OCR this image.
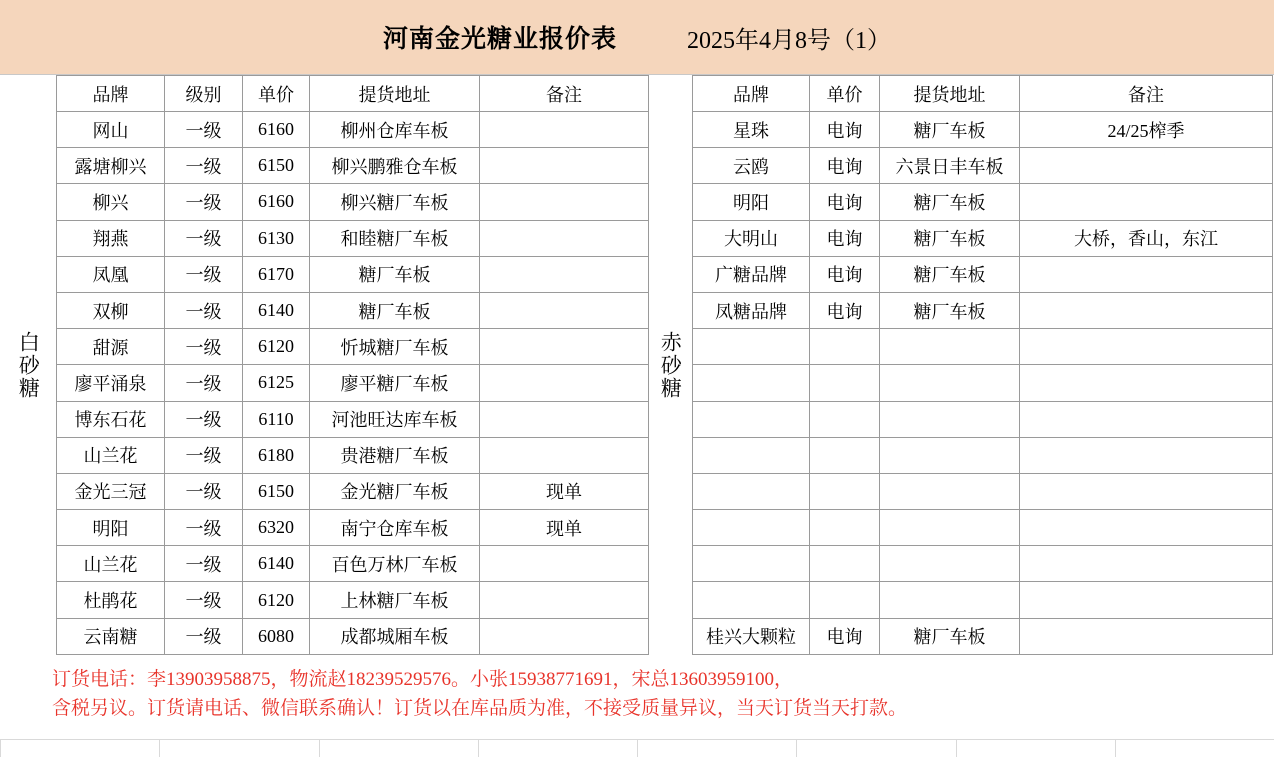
河南金光糖业报价表	2025年4月8号（1）
白砂糖
品牌	级别	单价	提货地址	备注
网山	一级	6160	柳州仓库车板	
露塘柳兴	一级	6150	柳兴鹏雅仓车板	
柳兴	一级	6160	柳兴糖厂车板	
翔燕	一级	6130	和睦糖厂车板	
凤凰	一级	6170	糖厂车板	
双柳	一级	6140	糖厂车板	
甜源	一级	6120	忻城糖厂车板	
廖平涌泉	一级	6125	廖平糖厂车板	
博东石花	一级	6110	河池旺达库车板	
山兰花	一级	6180	贵港糖厂车板	
金光三冠	一级	6150	金光糖厂车板	现单
明阳	一级	6320	南宁仓库车板	现单
山兰花	一级	6140	百色万林厂车板	
杜鹃花	一级	6120	上林糖厂车板	
云南糖	一级	6080	成都城厢车板	
赤砂糖
品牌	单价	提货地址	备注
星珠	电询	糖厂车板	24/25榨季
云鸥	电询	六景日丰车板	
明阳	电询	糖厂车板	
大明山	电询	糖厂车板	大桥，香山，东江
广糖品牌	电询	糖厂车板	
凤糖品牌	电询	糖厂车板	

桂兴大颗粒	电询	糖厂车板	
订货电话：李13903958875，物流赵18239529576。小张15938771691，宋总13603959100，
含税另议。订货请电话、微信联系确认！订货以在库品质为准，不接受质量异议，当天订货当天打款。
